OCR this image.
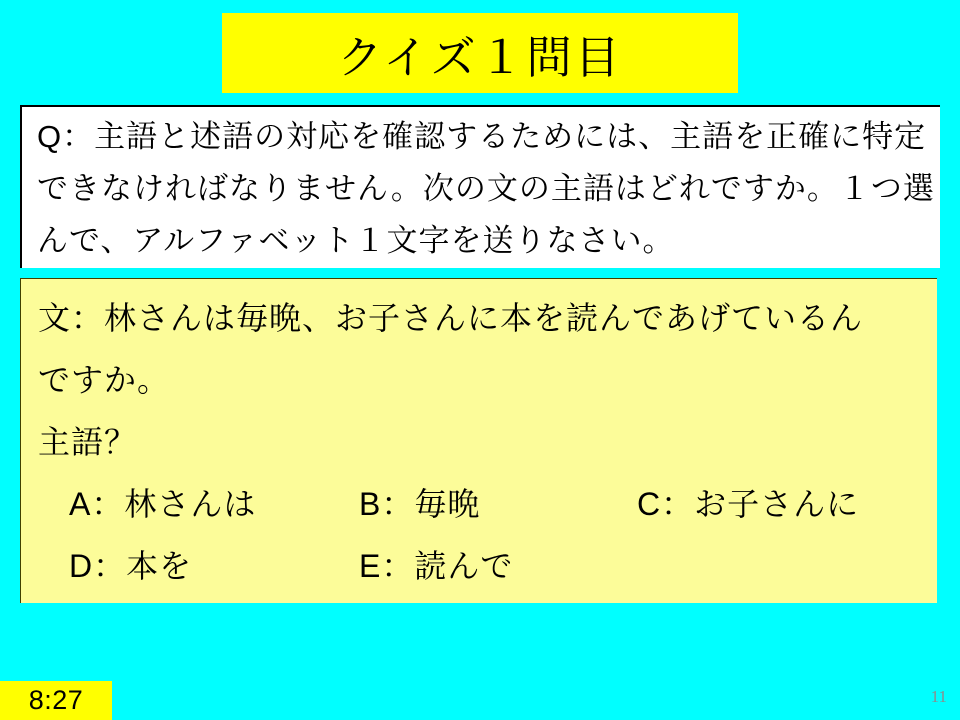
クイズ１問目
Q：主語と述語の対応を確認するためには、主語を正確に特定
できなければなりません。次の文の主語はどれですか。１つ選
んで、アルファベット１文字を送りなさい。
文：林さんは毎晩、お子さんに本を読んであげているん
ですか。
主語？
A：林さんは	B：毎晩	C：お子さんに
D：本を	E：読んで
8:27	11
